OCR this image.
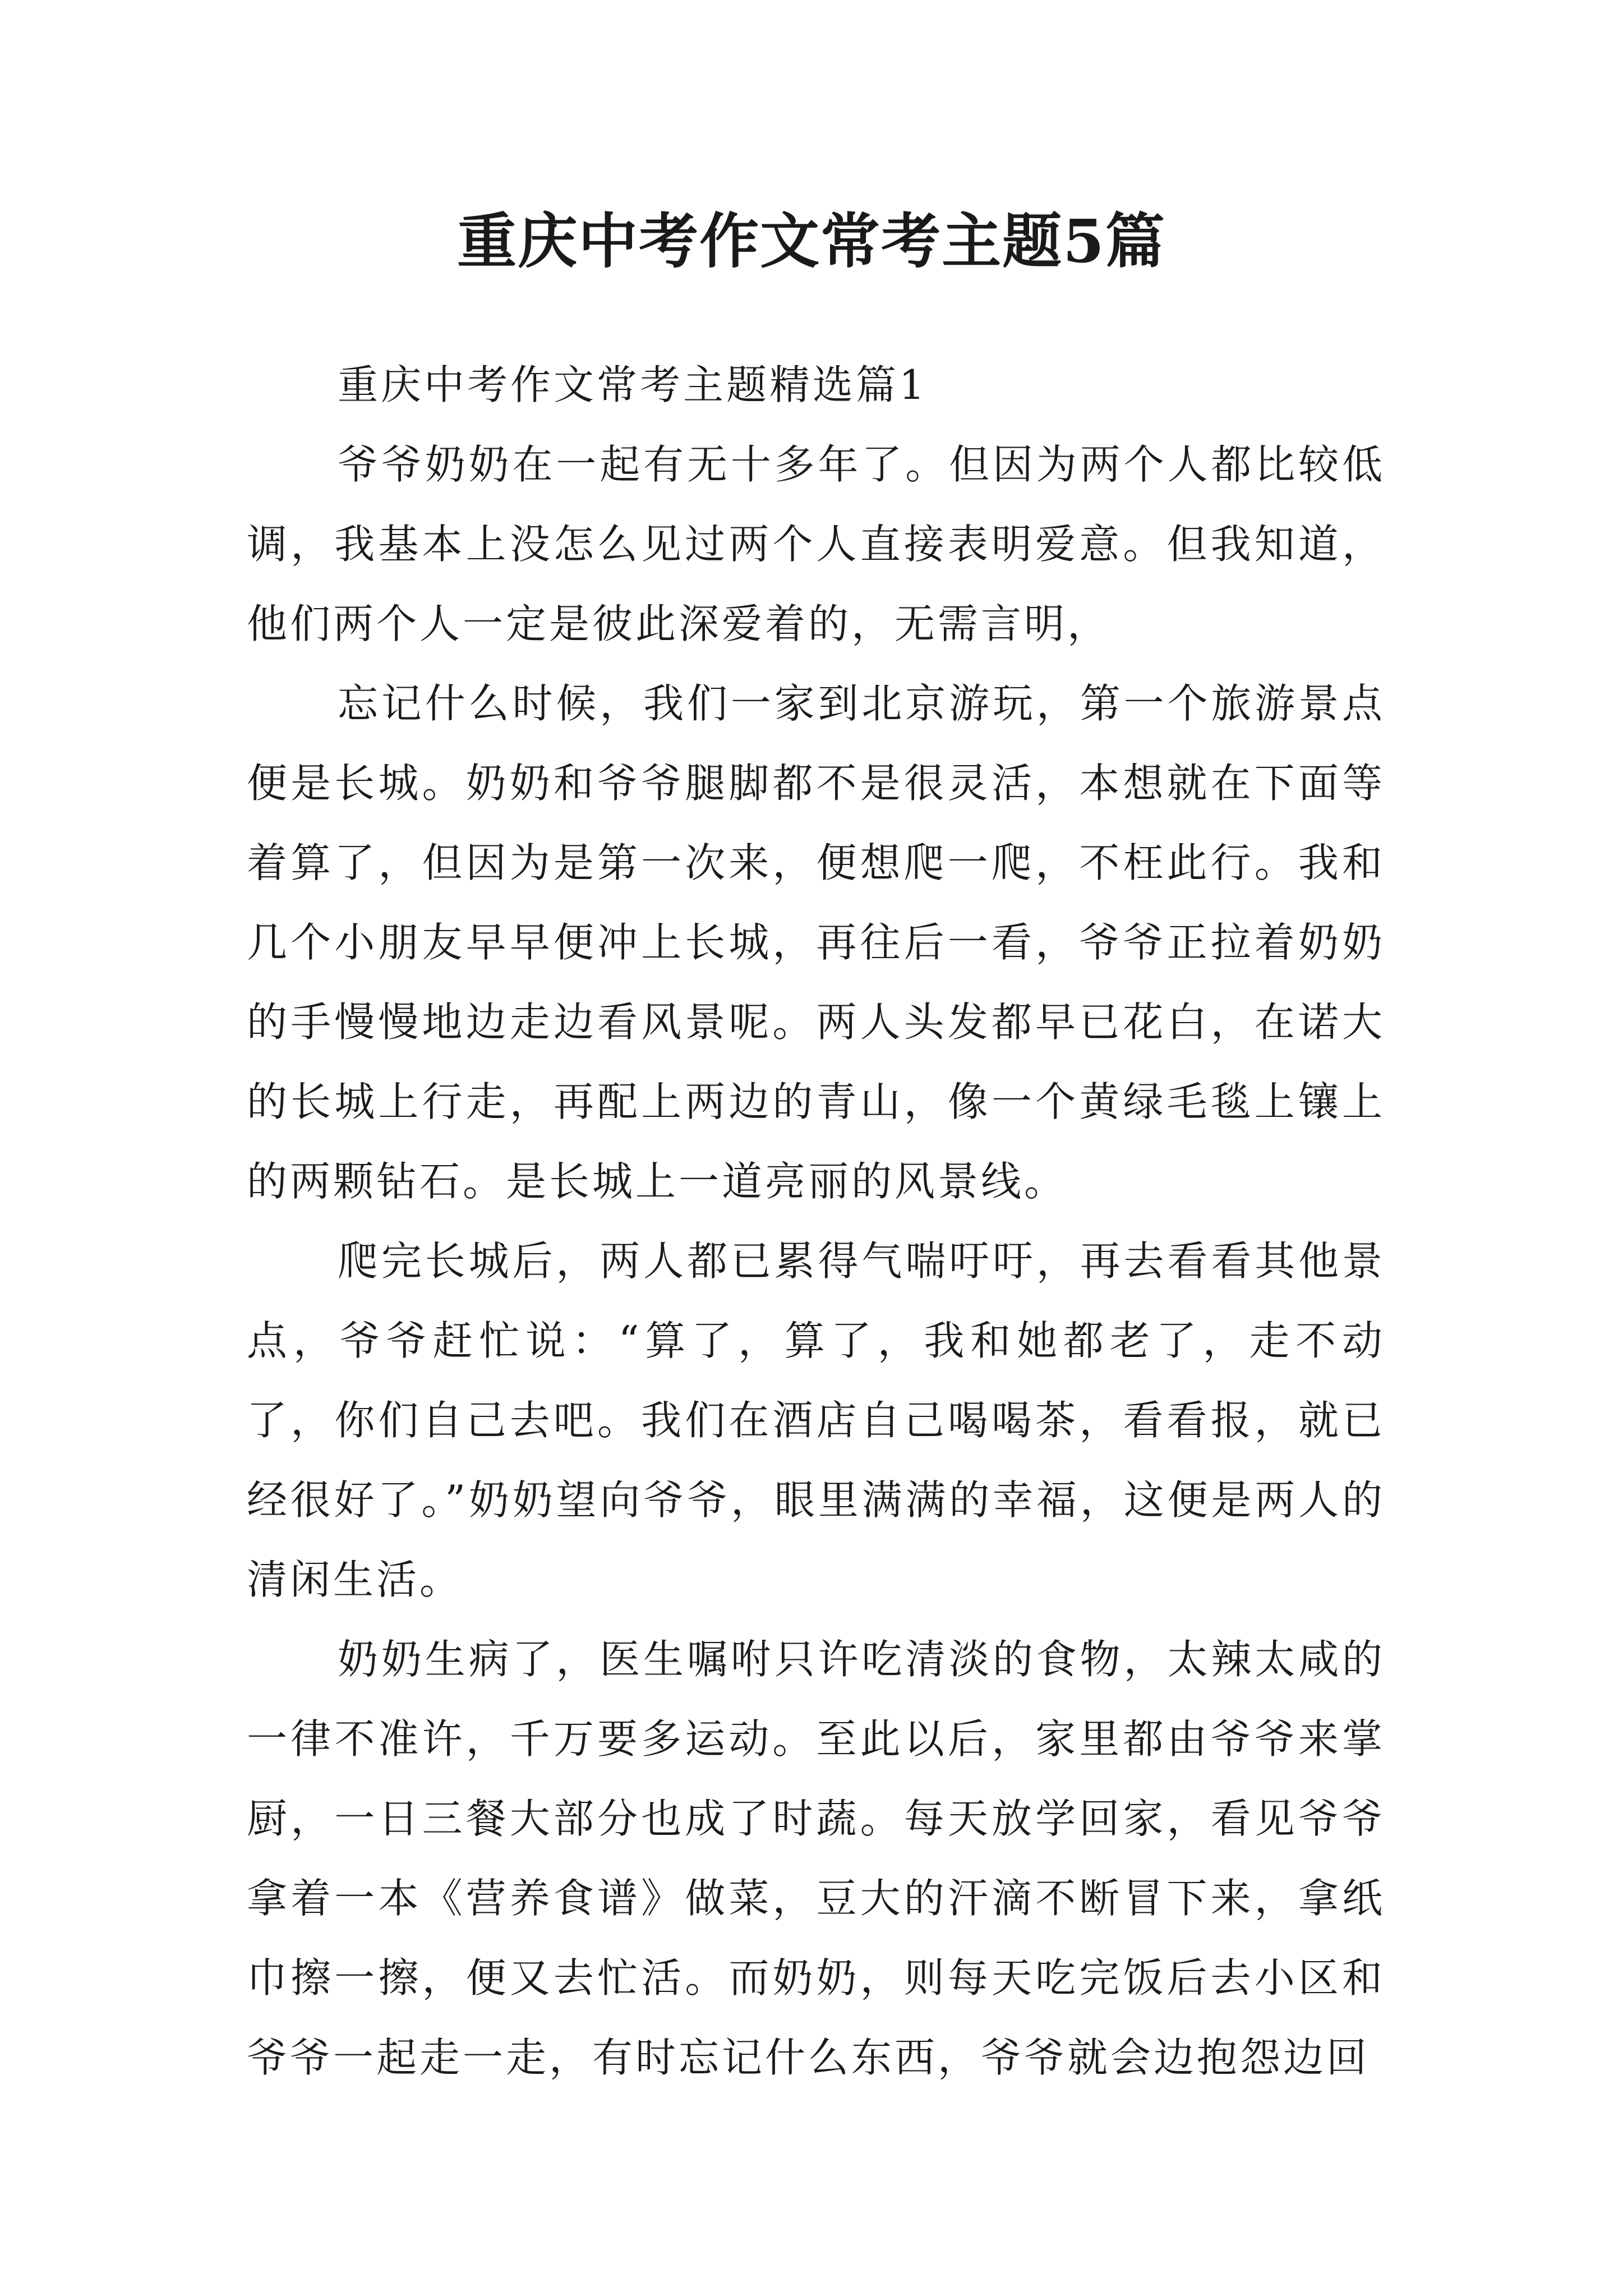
重庆中考作文常考主题5篇

重庆中考作文常考主题精选篇1

爷爷奶奶在一起有无十多年了。但因为两个人都比较低调，我基本上没怎么见过两个人直接表明爱意。但我知道，他们两个人一定是彼此深爱着的，无需言明，

忘记什么时候，我们一家到北京游玩，第一个旅游景点便是长城。奶奶和爷爷腿脚都不是很灵活，本想就在下面等着算了，但因为是第一次来，便想爬一爬，不枉此行。我和几个小朋友早早便冲上长城，再往后一看，爷爷正拉着奶奶的手慢慢地边走边看风景呢。两人头发都早已花白，在诺大的长城上行走，再配上两边的青山，像一个黄绿毛毯上镶上的两颗钻石。是长城上一道亮丽的风景线。

爬完长城后，两人都已累得气喘吁吁，再去看看其他景点，爷爷赶忙说：“算了，算了，我和她都老了，走不动了，你们自己去吧。我们在酒店自己喝喝茶，看看报，就已经很好了。”奶奶望向爷爷，眼里满满的幸福，这便是两人的清闲生活。

奶奶生病了，医生嘱咐只许吃清淡的食物，太辣太咸的一律不准许，千万要多运动。至此以后，家里都由爷爷来掌厨，一日三餐大部分也成了时蔬。每天放学回家，看见爷爷拿着一本《营养食谱》做菜，豆大的汗滴不断冒下来，拿纸巾擦一擦，便又去忙活。而奶奶，则每天吃完饭后去小区和爷爷一起走一走，有时忘记什么东西，爷爷就会边抱怨边回
